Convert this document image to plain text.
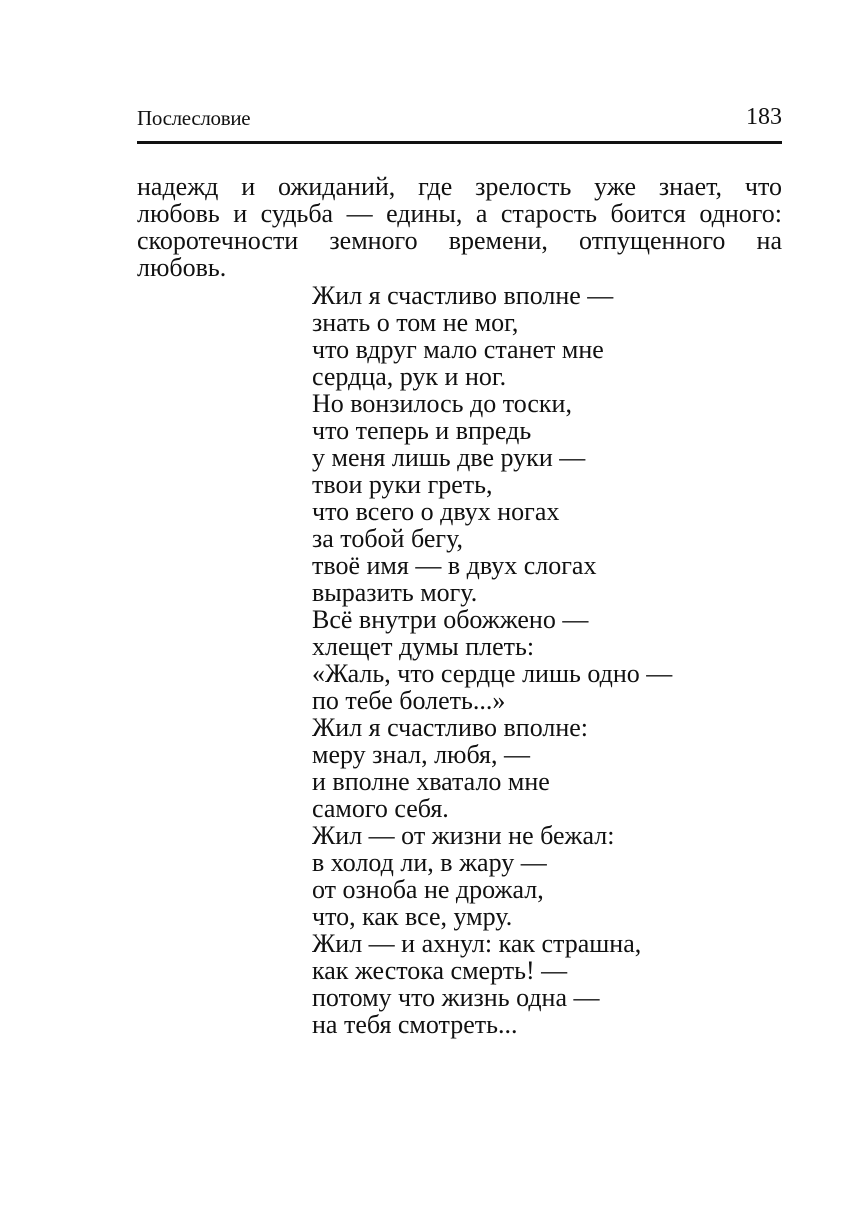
Послесловие	183
надежд и ожиданий, где зрелость уже знает, что
любовь и судьба — едины, а старость боится одного:
скоротечности земного времени, отпущенного на
любовь.
Жил я счастливо вполне —
знать о том не мог,
что вдруг мало станет мне
сердца, рук и ног.
Но вонзилось до тоски,
что теперь и впредь
у меня лишь две руки —
твои руки греть,
что всего о двух ногах
за тобой бегу,
твоё имя — в двух слогах
выразить могу.
Всё внутри обожжено —
хлещет думы плеть:
«Жаль, что сердце лишь одно —
по тебе болеть...»
Жил я счастливо вполне:
меру знал, любя, —
и вполне хватало мне
самого себя.
Жил — от жизни не бежал:
в холод ли, в жару —
от озноба не дрожал,
что, как все, умру.
Жил — и ахнул: как страшна,
как жестока смерть! —
потому что жизнь одна —
на тебя смотреть...
